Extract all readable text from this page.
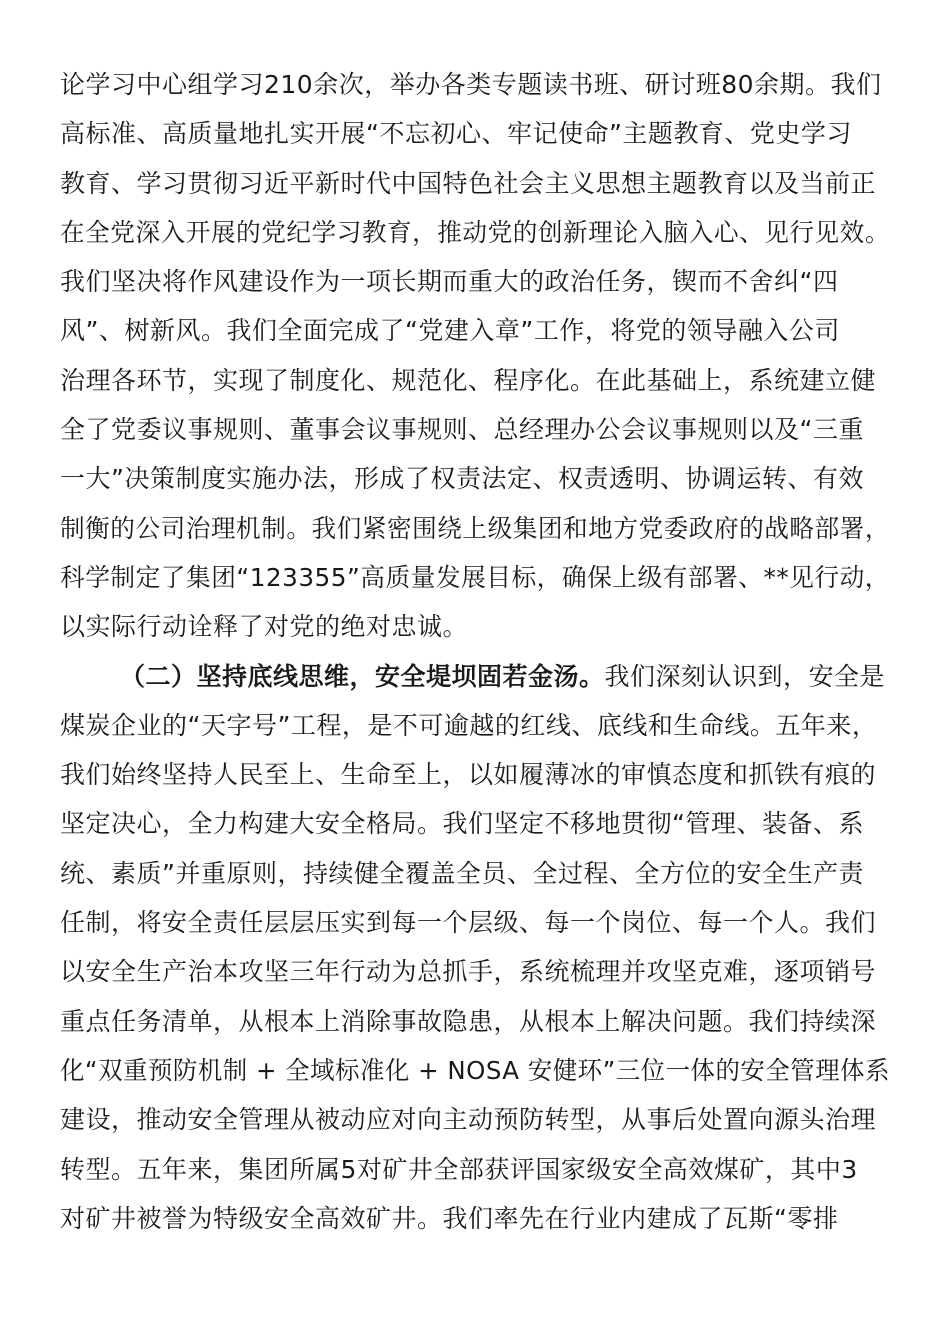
论学习中心组学习210余次，举办各类专题读书班、研讨班80余期。我们
高标准、高质量地扎实开展“不忘初心、牢记使命”主题教育、党史学习
教育、学习贯彻习近平新时代中国特色社会主义思想主题教育以及当前正
在全党深入开展的党纪学习教育，推动党的创新理论入脑入心、见行见效。
我们坚决将作风建设作为一项长期而重大的政治任务，锲而不舍纠“四
风”、树新风。我们全面完成了“党建入章”工作，将党的领导融入公司
治理各环节，实现了制度化、规范化、程序化。在此基础上，系统建立健
全了党委议事规则、董事会议事规则、总经理办公会议事规则以及“三重
一大”决策制度实施办法，形成了权责法定、权责透明、协调运转、有效
制衡的公司治理机制。我们紧密围绕上级集团和地方党委政府的战略部署，
科学制定了集团“123355”高质量发展目标，确保上级有部署、**见行动，
以实际行动诠释了对党的绝对忠诚。
（二）坚持底线思维，安全堤坝固若金汤。我们深刻认识到，安全是
煤炭企业的“天字号”工程，是不可逾越的红线、底线和生命线。五年来，
我们始终坚持人民至上、生命至上，以如履薄冰的审慎态度和抓铁有痕的
坚定决心，全力构建大安全格局。我们坚定不移地贯彻“管理、装备、系
统、素质”并重原则，持续健全覆盖全员、全过程、全方位的安全生产责
任制，将安全责任层层压实到每一个层级、每一个岗位、每一个人。我们
以安全生产治本攻坚三年行动为总抓手，系统梳理并攻坚克难，逐项销号
重点任务清单，从根本上消除事故隐患，从根本上解决问题。我们持续深
化“双重预防机制 + 全域标准化 + NOSA 安健环”三位一体的安全管理体系
建设，推动安全管理从被动应对向主动预防转型，从事后处置向源头治理
转型。五年来，集团所属5对矿井全部获评国家级安全高效煤矿，其中3
对矿井被誉为特级安全高效矿井。我们率先在行业内建成了瓦斯“零排
